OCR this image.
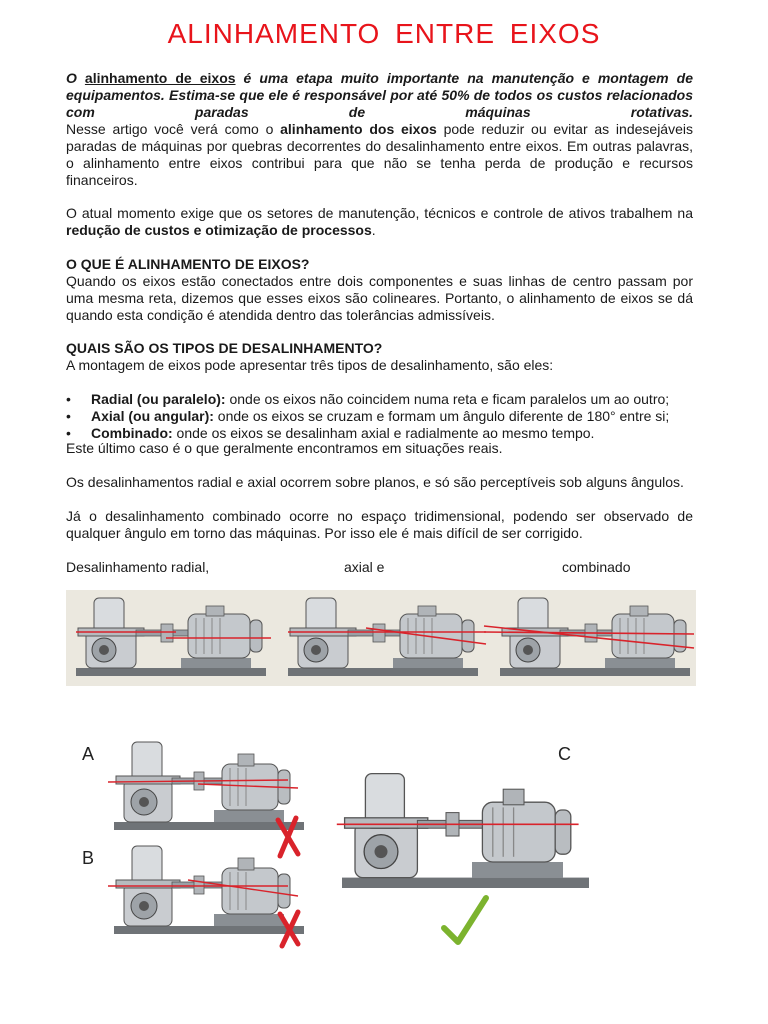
ALINHAMENTO ENTRE EIXOS
O alinhamento de eixos é uma etapa muito importante na manutenção e montagem de equipamentos. Estima-se que ele é responsável por até 50% de todos os custos relacionados com paradas de máquinas rotativas.
Nesse artigo você verá como o alinhamento dos eixos pode reduzir ou evitar as indesejáveis paradas de máquinas por quebras decorrentes do desalinhamento entre eixos. Em outras palavras, o alinhamento entre eixos contribui para que não se tenha perda de produção e recursos financeiros.
O atual momento exige que os setores de manutenção, técnicos e controle de ativos trabalhem na redução de custos e otimização de processos.
O QUE É ALINHAMENTO DE EIXOS?
Quando os eixos estão conectados entre dois componentes e suas linhas de centro passam por uma mesma reta, dizemos que esses eixos são colineares. Portanto, o alinhamento de eixos se dá quando esta condição é atendida dentro das tolerâncias admissíveis.
QUAIS SÃO OS TIPOS DE DESALINHAMENTO?
A montagem de eixos pode apresentar três tipos de desalinhamento, são eles:
• Radial (ou paralelo): onde os eixos não coincidem numa reta e ficam paralelos um ao outro;
• Axial (ou angular): onde os eixos se cruzam e formam um ângulo diferente de 180° entre si;
• Combinado: onde os eixos se desalinham axial e radialmente ao mesmo tempo.
Este último caso é o que geralmente encontramos em situações reais.
Os desalinhamentos radial e axial ocorrem sobre planos, e só são perceptíveis sob alguns ângulos.
Já o desalinhamento combinado ocorre no espaço tridimensional, podendo ser observado de qualquer ângulo em torno das máquinas. Por isso ele é mais difícil de ser corrigido.
Desalinhamento radial,	axial e	combinado
A
B
C
